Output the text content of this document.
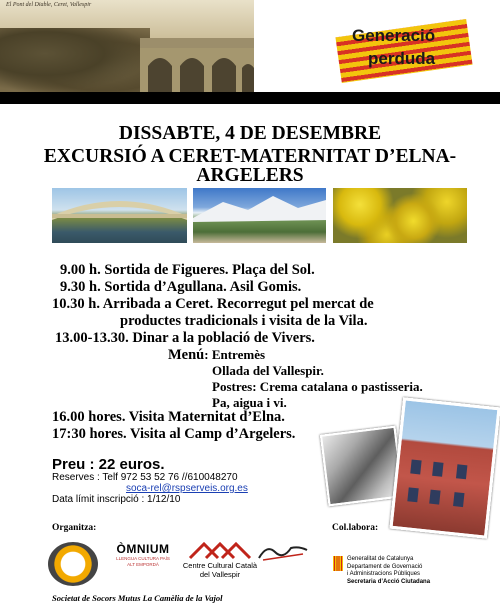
El Pont del Diable, Ceret, Vallespir
Generació
perduda
DISSABTE, 4 DE DESEMBRE
EXCURSIÓ A CERET-MATERNITAT D’ELNA-
ARGELERS
9.00 h. Sortida de Figueres. Plaça del Sol.
9.30 h. Sortida d’Agullana. Asil Gomis.
10.30 h. Arribada a Ceret. Recorregut pel mercat de
productes tradicionals i visita de la Vila.
13.00-13.30. Dinar a la població de Vivers.
Menú: Entremès
Ollada del Vallespir.
Postres: Crema catalana o pastisseria.
Pa, aigua i vi.
16.00 hores. Visita Maternitat d’Elna.
17:30 hores. Visita al Camp d’Argelers.
Preu : 22 euros.
Reserves : Telf 972 53 52 76 //610048270
soca-rel@rspserveis.org.es
Data límit inscripció : 1/12/10
Organitza:	Col.labora:
ÒMNIUM
LLENGUA CULTURA PAÍS
ALT EMPORDÀ	Centre Cultural Català
del Vallespir
Generalitat de Catalunya
Departament de Governació
i Administracions Públiques
Secretaria d’Acció Ciutadana
Societat de Socors Mutus La Camèlia de la Vajol
